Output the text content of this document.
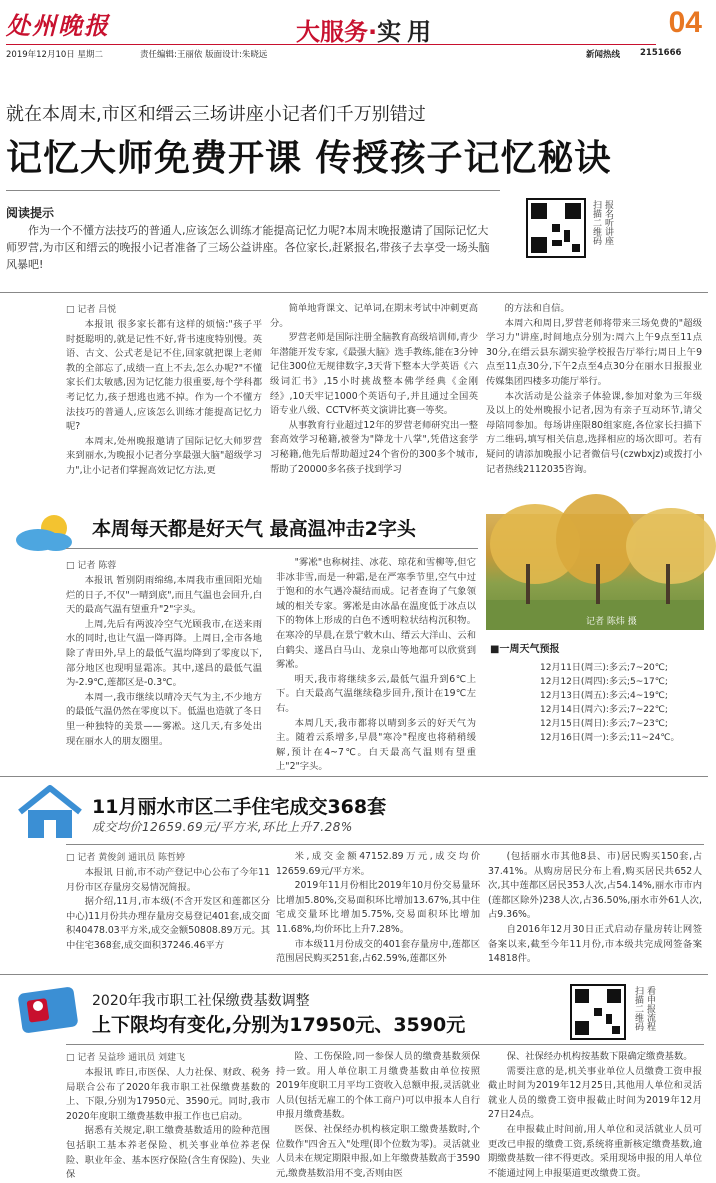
处州晚报	大服务·实用	04
2019年12月10日 星期二	责任编辑:王丽依 版面设计:朱晓远	新闻热线 2151666
就在本周末,市区和缙云三场讲座小记者们千万别错过
记忆大师免费开课 传授孩子记忆秘诀
阅读提示
作为一个不懂方法技巧的普通人,应该怎么训练才能提高记忆力呢?本周末晚报邀请了国际记忆大师罗营,为市区和缙云的晚报小记者准备了三场公益讲座。各位家长,赶紧报名,带孩子去享受一场头脑风暴吧!
扫描二维码 报名听讲座
□ 记者 吕悦

本报讯 很多家长都有这样的烦恼:"孩子平时挺聪明的,就是记性不好,背书速度特别慢。英语、古文、公式老是记不住,回家就把课上老师教的全部忘了,成绩一直上不去,怎么办呢?"不懂家长们太敏感,因为记忆能力很重要,每个学科都考记忆力,孩子想逃也逃不掉。作为一个不懂方法技巧的普通人,应该怎么训练才能提高记忆力呢?

本周末,处州晚报邀请了国际记忆大师罗营来到丽水,为晚报小记者分享最强大脑"超级学习力",让小记者们掌握高效记忆方法,更

简单地背课文、记单词,在期末考试中冲刺更高分。

罗营老师是国际注册全脑教育高级培训师,青少年潜能开发专家,《最强大脑》选手教练,能在3分钟记住300位无规律数字,3天背下整本大学英语《六级词汇书》,15小时挑战整本佛学经典《金刚经》,10天牢记1000个英语句子,并且通过全国英语专业八级、CCTV杯英文演讲比赛一等奖。

从事教育行业超过12年的罗营老师研究出一整套高效学习秘籍,被誉为"降龙十八掌",凭借这套学习秘籍,他先后帮助超过24个省份的300多个城市,帮助了20000多名孩子找到学习

的方法和自信。

本周六和周日,罗营老师将带来三场免费的"超级学习力"讲座,时间地点分别为:周六上午9点至11点30分,在缙云县东湖实验学校报告厅举行;周日上午9点至11点30分,下午2点至4点30分在丽水日报报业传媒集团四楼多功能厅举行。

本次活动是公益亲子体验课,参加对象为三年级及以上的处州晚报小记者,因为有亲子互动环节,请父母陪同参加。每场讲座限80组家庭,各位家长扫描下方二维码,填写相关信息,选择相应的场次即可。若有疑问的请添加晚报小记者微信号(czwbxjz)或拨打小记者热线2112035咨询。

本周每天都是好天气 最高温冲击2字头
□ 记者 陈蓉

本报讯 暂别阴雨绵绵,本周我市重回阳光灿烂的日子,不仅"一晴到底",而且气温也会回升,白天的最高气温有望重升"2"字头。

上周,先后有两波冷空气光顾我市,在送来雨水的同时,也让气温一降再降。上周日,全市各地除了青田外,早上的最低气温均降到了零度以下,部分地区也现明显霜冻。其中,遂昌的最低气温为-2.9℃,莲都区是-0.3℃。

本周一,我市继续以晴冷天气为主,不少地方的最低气温仍然在零度以下。低温也造就了冬日里一种独特的美景——雾凇。这几天,有多处出现在丽水人的朋友圈里。

"雾凇"也称树挂、冰花、琼花和雪柳等,但它非冰非雪,而是一种霜,是在严寒季节里,空气中过于饱和的水气遇冷凝结而成。记者查询了气象领域的相关专家。雾凇是由冰晶在温度低于冰点以下的物体上形成的白色不透明粒状结构沉积物。在寒冷的早晨,在景宁敕木山、缙云大洋山、云和白鹤尖、遂昌白马山、龙泉山等地都可以欣赏到雾凇。

明天,我市将继续多云,最低气温升到6℃上下。白天最高气温继续稳步回升,预计在19℃左右。

本周几天,我市都将以晴到多云的好天气为主。随着云系增多,早晨"寒冷"程度也将稍稍缓解,预计在4~7℃。白天最高气温则有望重上"2"字头。

记者 陈炜 摄
■一周天气预报
12月11日(周三):多云;7~20℃;
12月12日(周四):多云;5~17℃;
12月13日(周五):多云;4~19℃;
12月14日(周六):多云;7~22℃;
12月15日(周日):多云;7~23℃;
12月16日(周一):多云;11~24℃。
11月丽水市区二手住宅成交368套
成交均价12659.69元/平方米,环比上升7.28%
□ 记者 黄俊剑 通讯员 陈哲婷

本报讯 日前,市不动产登记中心公布了今年11月份市区存量房交易情况简报。

据介绍,11月,市本级(不含开发区和莲都区分中心)11月份共办理存量房交易登记401套,成交面积40478.03平方米,成交金额50808.89万元。其中住宅368套,成交面积37246.46平方

米,成交金额47152.89万元,成交均价12659.69元/平方米。

2019年11月份相比2019年10月份交易量环比增加5.80%,交易面积环比增加13.67%,其中住宅成交量环比增加5.75%,交易面积环比增加11.68%,均价环比上升7.28%。

市本级11月份成交的401套存量房中,莲都区范围居民购买251套,占62.59%,莲都区外

(包括丽水市其他8县、市)居民购买150套,占37.41%。从购房居民分布上看,购买居民共652人次,其中莲都区居民353人次,占54.14%,丽水市市内(莲都区除外)238人次,占36.50%,丽水市外61人次,占9.36%。

自2016年12月30日正式启动存量房转让网签备案以来,截至今年11月份,市本级共完成网签备案14818件。

2020年我市职工社保缴费基数调整
上下限均有变化,分别为17950元、3590元	扫描二维码 看申报流程
□ 记者 吴益珍 通讯员 刘建飞

本报讯 昨日,市医保、人力社保、财政、税务局联合公布了2020年我市职工社保缴费基数的上、下限,分别为17950元、3590元。同时,我市2020年度职工缴费基数申报工作也已启动。

据悉有关规定,职工缴费基数适用的险种范围包括职工基本养老保险、机关事业单位养老保险、职业年金、基本医疗保险(含生育保险)、失业保

险、工伤保险,同一参保人员的缴费基数须保持一致。用人单位职工月缴费基数由单位按照2019年度职工月平均工资收入总额申报,灵活就业人员(包括无雇工的个体工商户)可以申报本人自行申报月缴费基数。

医保、社保经办机构核定职工缴费基数时,个位数作"四舍五入"处理(即个位数为零)。灵活就业人员未在规定期限申报,如上年缴费基数高于3590元,缴费基数沿用不变,否则由医

保、社保经办机构按基数下限确定缴费基数。

需要注意的是,机关事业单位人员缴费工资申报截止时间为2019年12月25日,其他用人单位和灵活就业人员的缴费工资申报截止时间为2019年12月27日24点。

在申报截止时间前,用人单位和灵活就业人员可更改已申报的缴费工资,系统将重新核定缴费基数,逾期缴费基数一律不得更改。采用现场申报的用人单位不能通过网上申报渠道更改缴费工资。
